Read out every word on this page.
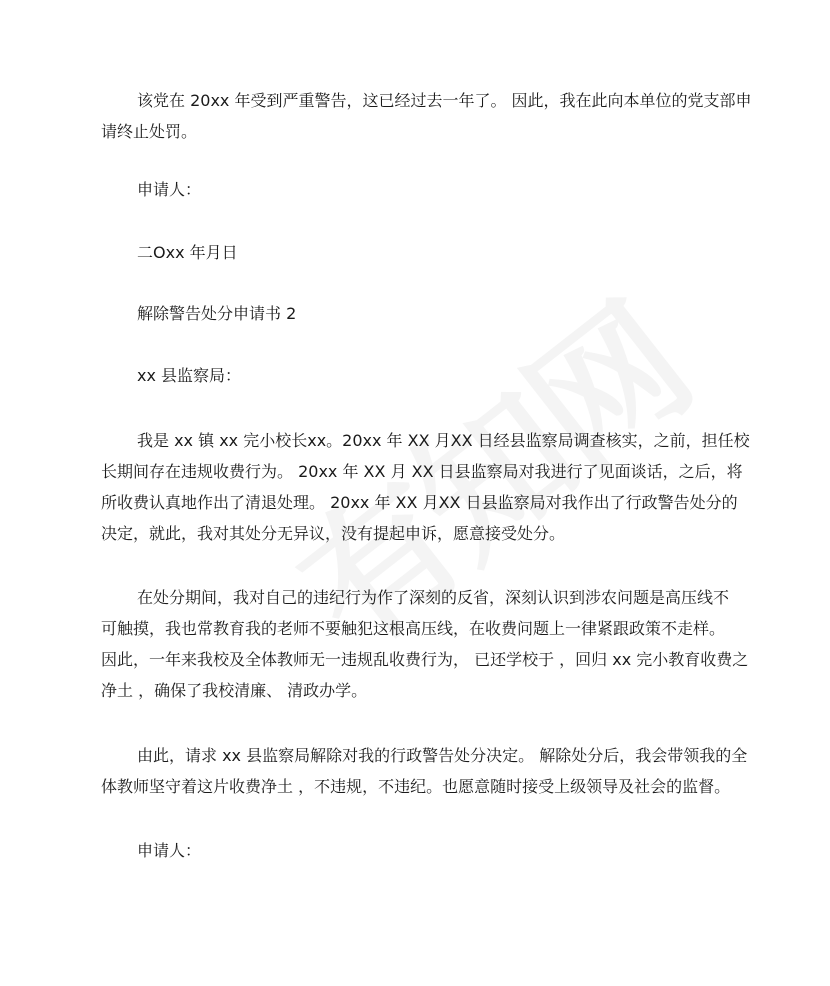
该党在 20xx 年受到严重警告，这已经过去一年了。 因此，我在此向本单位的党支部申
请终止处罚。

申请人：

二Oxx 年月日

解除警告处分申请书 2

xx 县监察局：

我是 xx 镇 xx 完小校长xx。20xx 年 XX 月XX 日经县监察局调查核实，之前，担任校
长期间存在违规收费行为。 20xx 年 XX 月 XX 日县监察局对我进行了见面谈话，之后，将
所收费认真地作出了清退处理。 20xx 年 XX 月XX 日县监察局对我作出了行政警告处分的
决定，就此，我对其处分无异议，没有提起申诉，愿意接受处分。

在处分期间，我对自己的违纪行为作了深刻的反省，深刻认识到涉农问题是高压线不
可触摸，我也常教育我的老师不要触犯这根高压线，在收费问题上一律紧跟政策不走样。
因此，一年来我校及全体教师无一违规乱收费行为， 已还学校于 ，回归 xx 完小教育收费之
净土 ，确保了我校清廉、 清政办学。

由此，请求 xx 县监察局解除对我的行政警告处分决定。 解除处分后，我会带领我的全
体教师坚守着这片收费净土 ，不违规，不违纪。也愿意随时接受上级领导及社会的监督。

申请人：
